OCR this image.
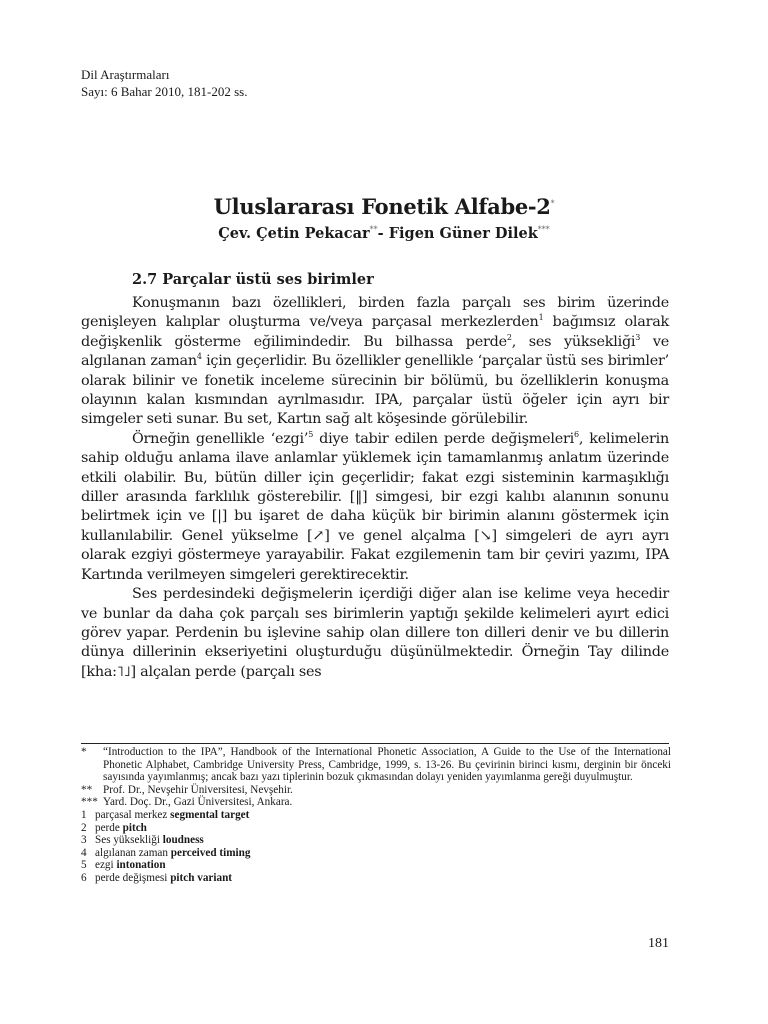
Dil Araştırmaları
Sayı: 6 Bahar 2010, 181-202 ss.
Uluslararası Fonetik Alfabe-2*
Çev. Çetin Pekacar**- Figen Güner Dilek***
2.7 Parçalar üstü ses birimler

Konuşmanın bazı özellikleri, birden fazla parçalı ses birim üzerinde genişleyen kalıplar oluşturma ve/veya parçasal merkezlerden$^1$ bağımsız olarak değişkenlik gösterme eğilimindedir. Bu bilhassa perde$^2$, ses yüksekliği$^3$ ve algılanan zaman$^4$ için geçerlidir. Bu özellikler genellikle ‘parçalar üstü ses birimler’ olarak bilinir ve fonetik inceleme sürecinin bir bölümü, bu özelliklerin konuşma olayının kalan kısmından ayrılmasıdır. IPA, parçalar üstü öğeler için ayrı bir simgeler seti sunar. Bu set, Kartın sağ alt köşesinde görülebilir.

Örneğin genellikle ‘ezgi’$^5$ diye tabir edilen perde değişmeleri$^6$, kelimelerin sahip olduğu anlama ilave anlamlar yüklemek için tamamlanmış anlatım üzerinde etkili olabilir. Bu, bütün diller için geçerlidir; fakat ezgi sisteminin karmaşıklığı diller arasında farklılık gösterebilir. [‖] simgesi, bir ezgi kalıbı alanının sonunu belirtmek için ve [|] bu işaret de daha küçük bir birimin alanını göstermek için kullanılabilir. Genel yükselme [↗] ve genel alçalma [↘] simgeleri de ayrı ayrı olarak ezgiyi göstermeye yarayabilir. Fakat ezgilemenin tam bir çeviri yazımı, IPA Kartında verilmeyen simgeleri gerektirecektir.

Ses perdesindeki değişmelerin içerdiği diğer alan ise kelime veya hecedir ve bunlar da daha çok parçalı ses birimlerin yaptığı şekilde kelimeleri ayırt edici görev yapar. Perdenin bu işlevine sahip olan dillere ton dilleri denir ve bu dillerin dünya dillerinin ekseriyetini oluşturduğu düşünülmektedir. Örneğin Tay dilinde [kha:˥˩] alçalan perde (parçalı ses

*	“Introduction to the IPA”, Handbook of the International Phonetic Association, A Guide to the Use of the International Phonetic Alphabet, Cambridge University Press, Cambridge, 1999, s. 13-26. Bu çevirinin birinci kısmı, derginin bir önceki sayısında yayımlanmış; ancak bazı yazı tiplerinin bozuk çıkmasından dolayı yeniden yayımlanma gereği duyulmuştur.
** Prof. Dr., Nevşehir Üniversitesi, Nevşehir.
*** Yard. Doç. Dr., Gazi Üniversitesi, Ankara.
1 parçasal merkez segmental target
2 perde pitch
3 Ses yüksekliği loudness
4 algılanan zaman perceived timing
5 ezgi intonation
6 perde değişmesi pitch variant
181
